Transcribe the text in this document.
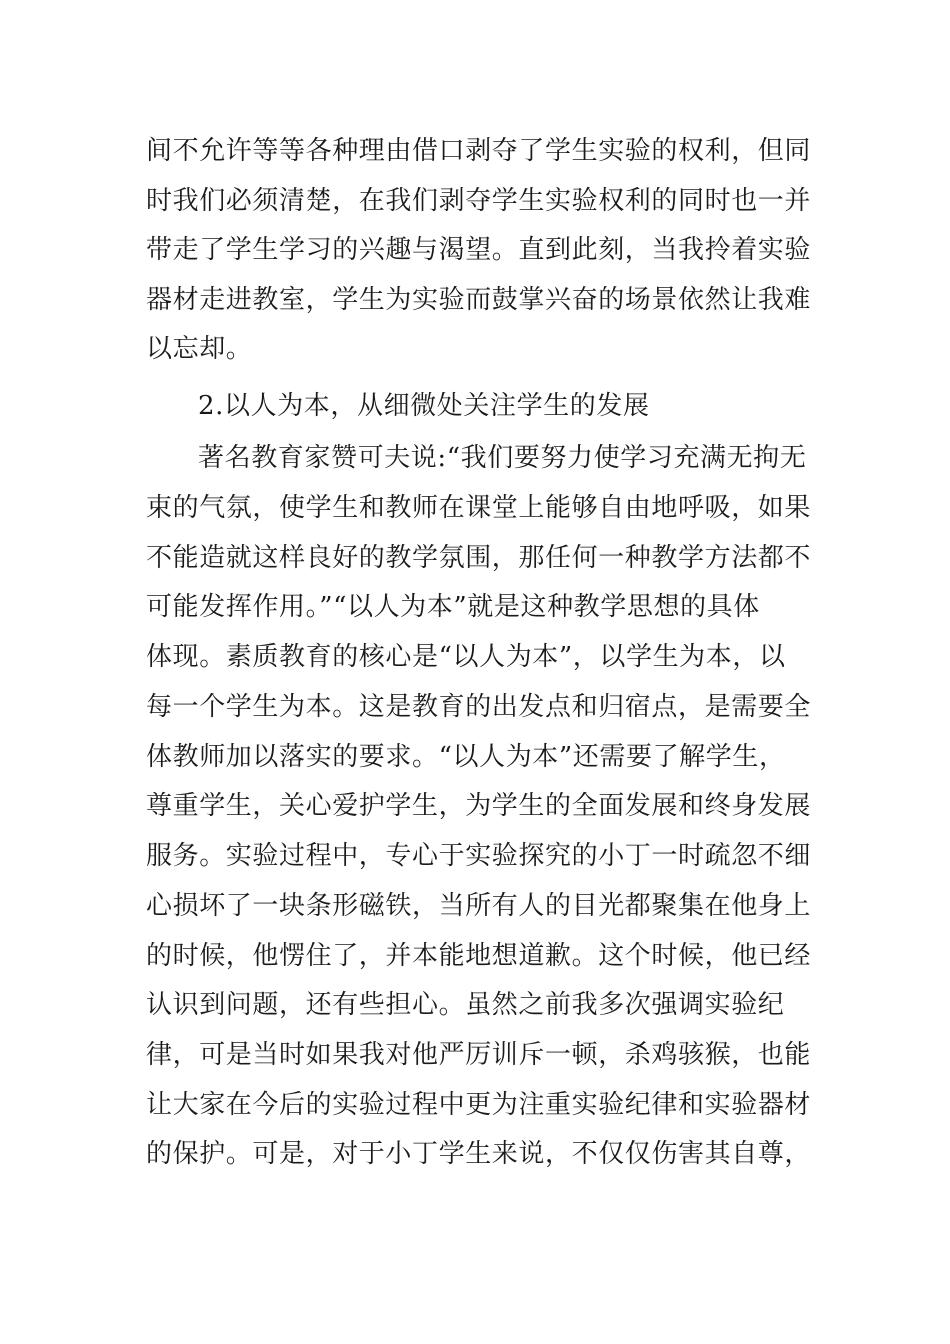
间不允许等等各种理由借口剥夺了学生实验的权利，但同
时我们必须清楚，在我们剥夺学生实验权利的同时也一并
带走了学生学习的兴趣与渴望。直到此刻，当我拎着实验
器材走进教室，学生为实验而鼓掌兴奋的场景依然让我难
以忘却。
2.以人为本，从细微处关注学生的发展
著名教育家赞可夫说:“我们要努力使学习充满无拘无
束的气氛，使学生和教师在课堂上能够自由地呼吸，如果
不能造就这样良好的教学氛围，那任何一种教学方法都不
可能发挥作用。”“以人为本”就是这种教学思想的具体
体现。素质教育的核心是“以人为本”，以学生为本，以
每一个学生为本。这是教育的出发点和归宿点，是需要全
体教师加以落实的要求。“以人为本”还需要了解学生，
尊重学生，关心爱护学生，为学生的全面发展和终身发展
服务。实验过程中，专心于实验探究的小丁一时疏忽不细
心损坏了一块条形磁铁，当所有人的目光都聚集在他身上
的时候，他愣住了，并本能地想道歉。这个时候，他已经
认识到问题，还有些担心。虽然之前我多次强调实验纪
律，可是当时如果我对他严厉训斥一顿，杀鸡骇猴，也能
让大家在今后的实验过程中更为注重实验纪律和实验器材
的保护。可是，对于小丁学生来说，不仅仅伤害其自尊，
